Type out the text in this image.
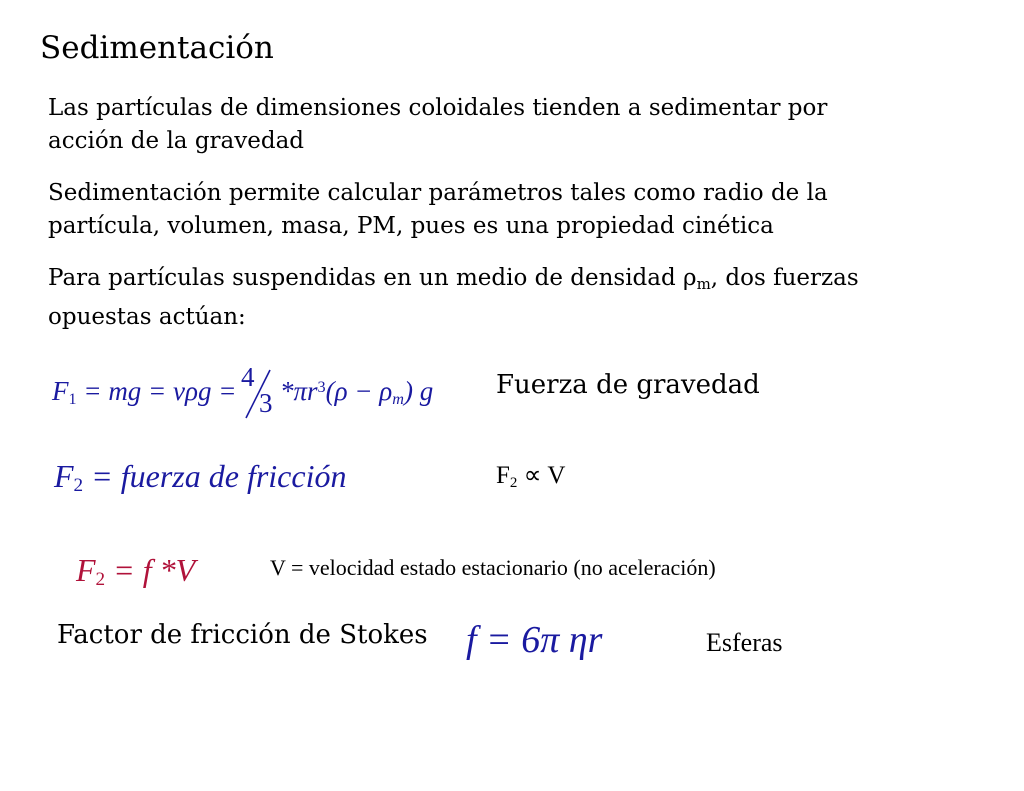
Sedimentación
Las partículas de dimensiones coloidales tienden a sedimentar por acción de la gravedad
Sedimentación permite calcular parámetros tales como radio de la partícula, volumen, masa, PM, pues es una propiedad cinética
Para partículas suspendidas en un medio de densidad ρm, dos fuerzas opuestas actúan:
$F_1$ = mg = vρg = 4
3 $*\pi r^3(\rho - \rho_m)$ g Fuerza de gravedad
$F_2$ = fuerza de fricción	$F_2 \propto V$
$F_2 = f$ *V	V = velocidad estado estacionario (no aceleración)
Factor de fricción de Stokes f = 6π ηr	Esferas
